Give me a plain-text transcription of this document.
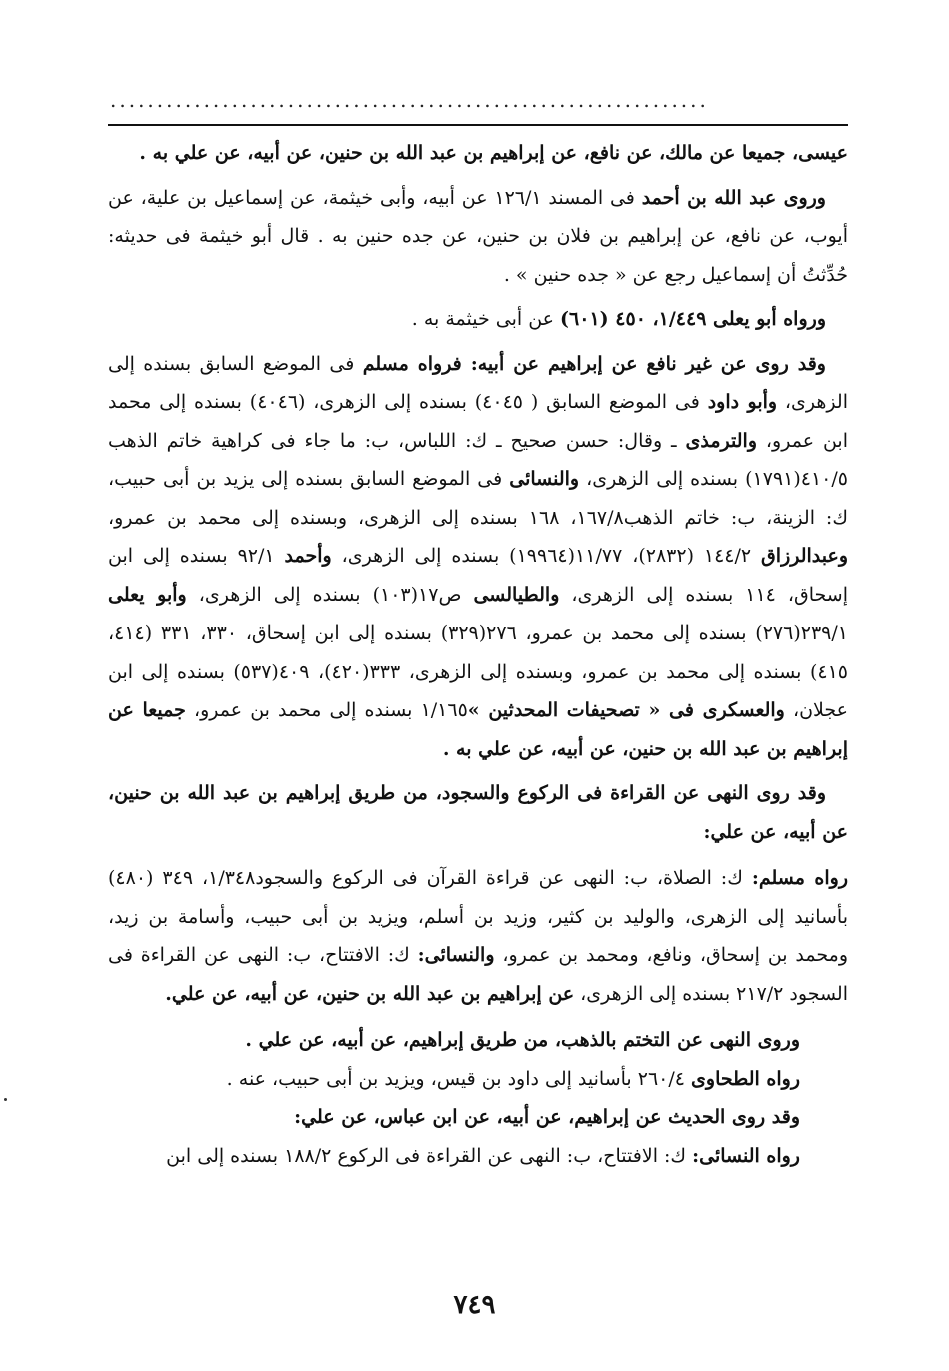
................................................................

عيسى، جميعا عن مالك، عن نافع، عن إبراهيم بن عبد الله بن حنين، عن أبيه، عن علي به .

وروى عبد الله بن أحمد فى المسند ١٢٦/١ عن أبيه، وأبى خيثمة، عن إسماعيل بن علية، عن أيوب، عن نافع، عن إبراهيم بن فلان بن حنين، عن جده حنين به . قال أبو خيثمة فى حديثه: حُدِّثتُ أن إسماعيل رجع عن « جده حنين » .

ورواه أبو يعلى ١/٤٤٩، ٤٥٠ (٦٠١) عن أبى خيثمة به .

وقد روى عن غير نافع عن إبراهيم عن أبيه: فرواه مسلم فى الموضع السابق بسنده إلى الزهرى، وأبو داود فى الموضع السابق ( ٤٠٤٥) بسنده إلى الزهرى، (٤٠٤٦) بسنده إلى محمد ابن عمرو، والترمذى ـ وقال: حسن صحيح ـ ك: اللباس، ب: ما جاء فى كراهية خاتم الذهب ٤١٠/٥(١٧٩١) بسنده إلى الزهرى، والنسائى فى الموضع السابق بسنده إلى يزيد بن أبى حبيب، ك: الزينة، ب: خاتم الذهب١٦٧/٨، ١٦٨ بسنده إلى الزهرى، وبسنده إلى محمد بن عمرو، وعبدالرزاق ١٤٤/٢ (٢٨٣٢)، ١١/٧٧(١٩٩٦٤) بسنده إلى الزهرى، وأحمد ٩٢/١ بسنده إلى ابن إسحاق، ١١٤ بسنده إلى الزهرى، والطيالسى ص١٧(١٠٣) بسنده إلى الزهرى، وأبو يعلى ٢٣٩/١(٢٧٦) بسنده إلى محمد بن عمرو، ٢٧٦(٣٢٩) بسنده إلى ابن إسحاق، ٣٣٠، ٣٣١ (٤١٤، ٤١٥) بسنده إلى محمد بن عمرو، وبسنده إلى الزهرى، ٣٣٣(٤٢٠)، ٤٠٩(٥٣٧) بسنده إلى ابن عجلان، والعسكرى فى « تصحيفات المحدثين »١/١٦٥ بسنده إلى محمد بن عمرو، جميعا عن إبراهيم بن عبد الله بن حنين، عن أبيه، عن علي به .

وقد روى النهى عن القراءة فى الركوع والسجود، من طريق إبراهيم بن عبد الله بن حنين، عن أبيه، عن علي:

رواه مسلم: ك: الصلاة، ب: النهى عن قراءة القرآن فى الركوع والسجود١/٣٤٨، ٣٤٩ (٤٨٠) بأسانيد إلى الزهرى، والوليد بن كثير، وزيد بن أسلم، ويزيد بن أبى حبيب، وأسامة بن زيد، ومحمد بن إسحاق، ونافع، ومحمد بن عمرو، والنسائى: ك: الافتتاح، ب: النهى عن القراءة فى السجود ٢١٧/٢ بسنده إلى الزهرى، عن إبراهيم بن عبد الله بن حنين، عن أبيه، عن علي.

وروى النهى عن التختم بالذهب، من طريق إبراهيم، عن أبيه، عن علي .

رواه الطحاوى ٢٦٠/٤ بأسانيد إلى داود بن قيس، ويزيد بن أبى حبيب، عنه .

وقد روى الحديث عن إبراهيم، عن أبيه، عن ابن عباس، عن علي:

رواه النسائى: ك: الافتتاح، ب: النهى عن القراءة فى الركوع ١٨٨/٢ بسنده إلى ابن

٧٤٩
